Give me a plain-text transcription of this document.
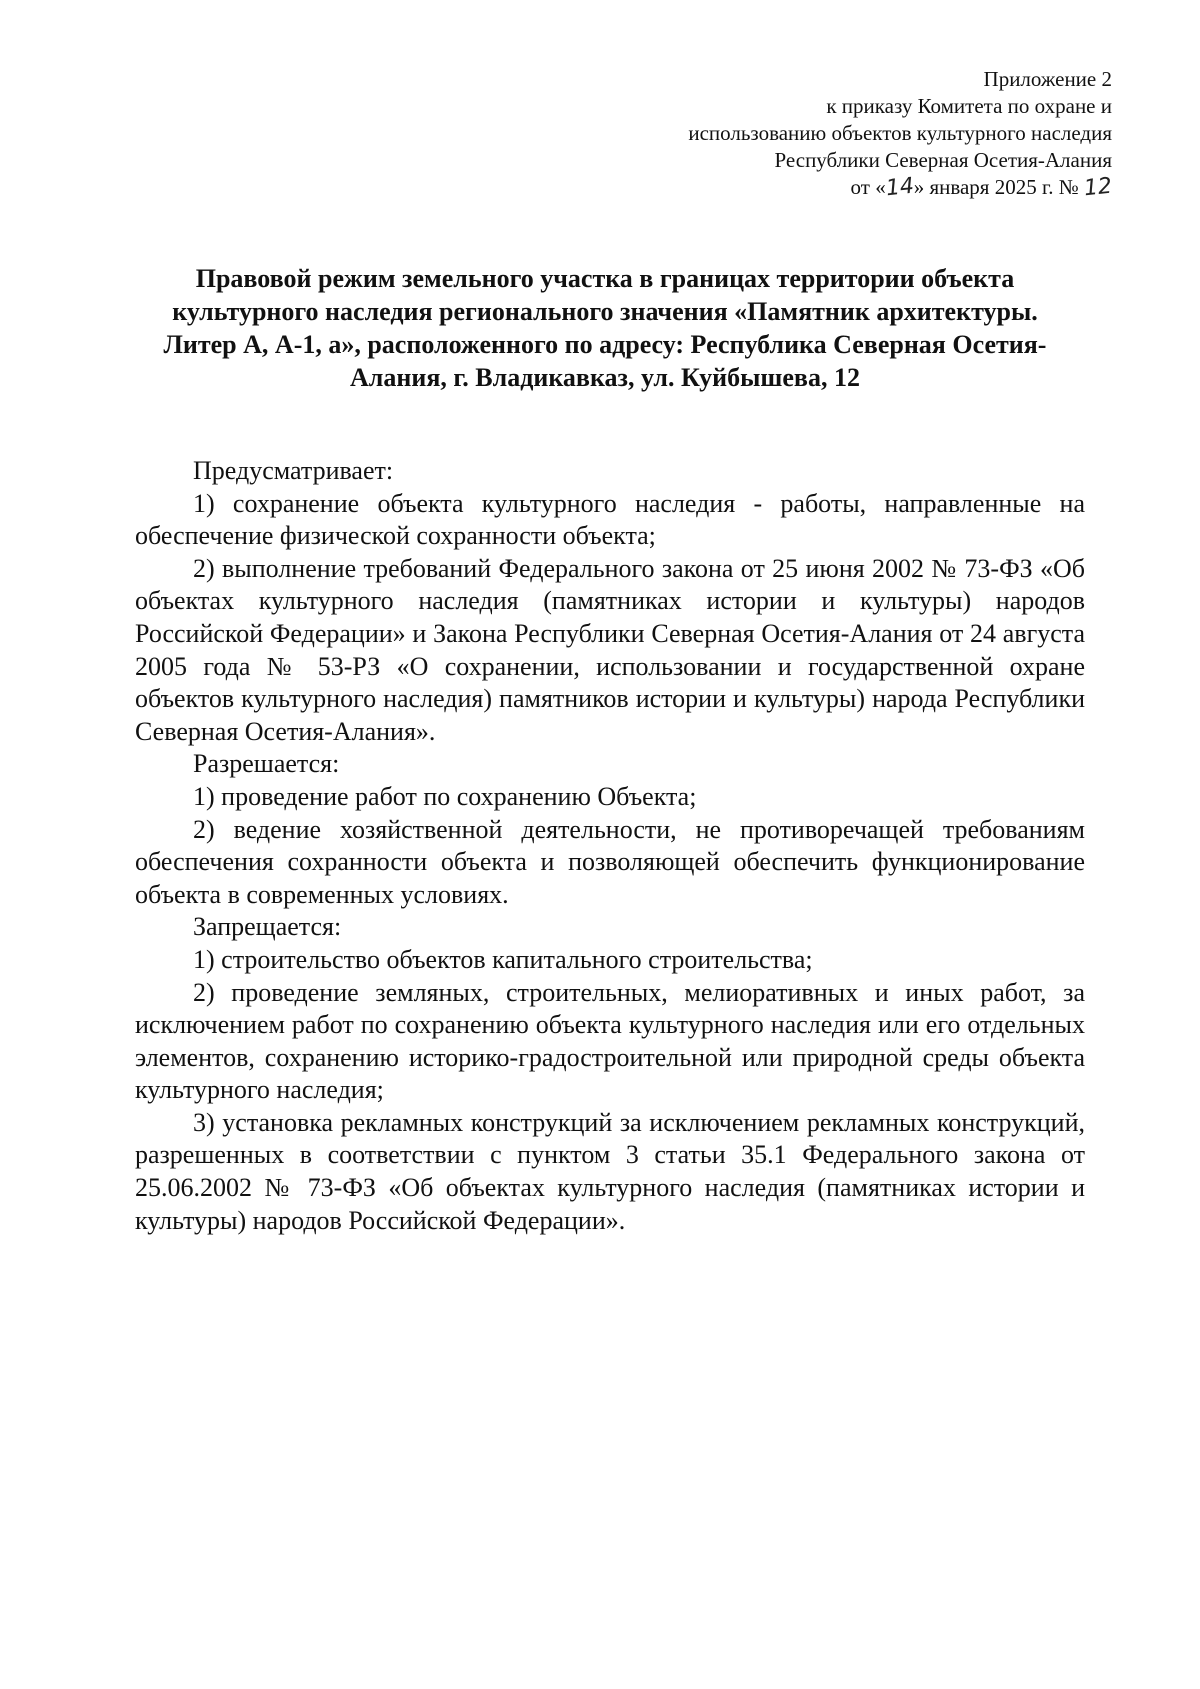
Приложение 2
к приказу Комитета по охране и
использованию объектов культурного наследия
Республики Северная Осетия-Алания
от «14» января 2025 г. № 12
Правовой режим земельного участка в границах территории объекта
культурного наследия регионального значения «Памятник архитектуры.
Литер А, А-1, а», расположенного по адресу: Республика Северная Осетия-
Алания, г. Владикавказ, ул. Куйбышева, 12

Предусматривает:

1) сохранение объекта культурного наследия - работы, направленные на обеспечение физической сохранности объекта;

2) выполнение требований Федерального закона от 25 июня 2002 № 73-ФЗ «Об объектах культурного наследия (памятниках истории и культуры) народов Российской Федерации» и Закона Республики Северная Осетия-Алания от 24 августа 2005 года № 53-РЗ «О сохранении, использовании и государственной охране объектов культурного наследия) памятников истории и культуры) народа Республики Северная Осетия-Алания».

Разрешается:

1) проведение работ по сохранению Объекта;

2) ведение хозяйственной деятельности, не противоречащей требованиям обеспечения сохранности объекта и позволяющей обеспечить функционирование объекта в современных условиях.

Запрещается:

1) строительство объектов капитального строительства;

2) проведение земляных, строительных, мелиоративных и иных работ, за исключением работ по сохранению объекта культурного наследия или его отдельных элементов, сохранению историко-градостроительной или природной среды объекта культурного наследия;

3) установка рекламных конструкций за исключением рекламных конструкций, разрешенных в соответствии с пунктом 3 статьи 35.1 Федерального закона от 25.06.2002 № 73-ФЗ «Об объектах культурного наследия (памятниках истории и культуры) народов Российской Федерации».
